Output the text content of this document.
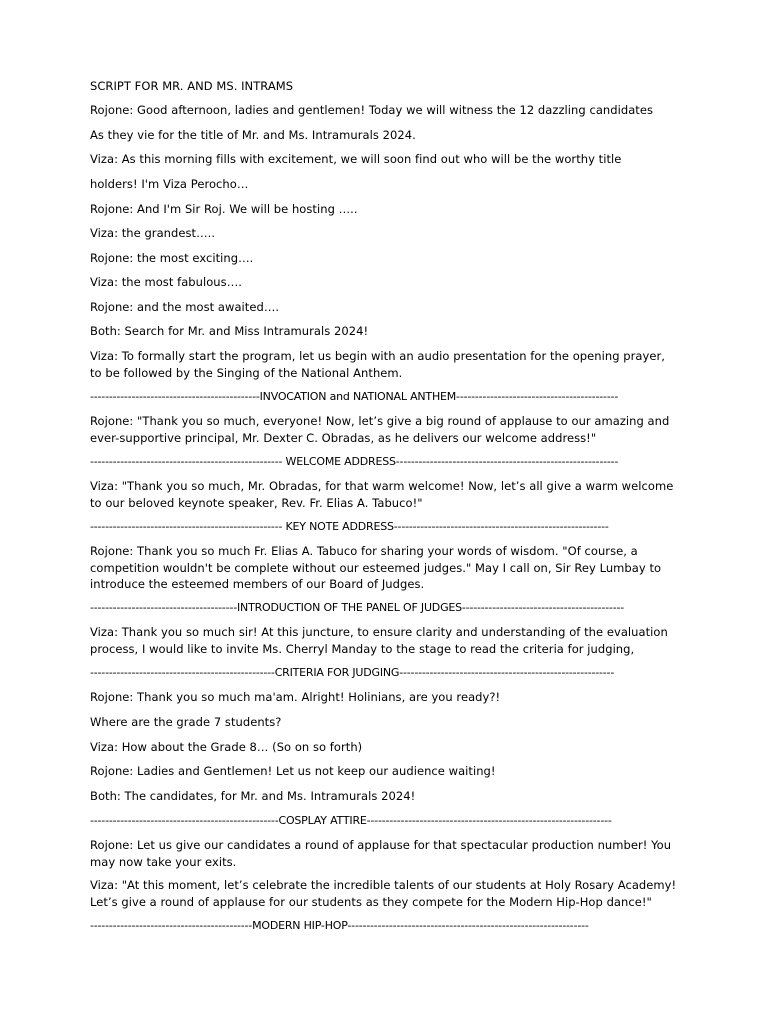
SCRIPT FOR MR. AND MS. INTRAMS
Rojone: Good afternoon, ladies and gentlemen! Today we will witness the 12 dazzling candidates
As they vie for the title of Mr. and Ms. Intramurals 2024.
Viza: As this morning fills with excitement, we will soon find out who will be the worthy title
holders! I'm Viza Perocho…
Rojone: And I'm Sir Roj. We will be hosting …..
Viza: the grandest…..
Rojone: the most exciting….
Viza: the most fabulous….
Rojone: and the most awaited….
Both: Search for Mr. and Miss Intramurals 2024!
Viza: To formally start the program, let us begin with an audio presentation for the opening prayer, to be followed by the Singing of the National Anthem.
---------------------------------------------INVOCATION and NATIONAL ANTHEM-------------------------------------------
Rojone: "Thank you so much, everyone! Now, let’s give a big round of applause to our amazing and ever-supportive principal, Mr. Dexter C. Obradas, as he delivers our welcome address!"
--------------------------------------------------- WELCOME ADDRESS-----------------------------------------------------------
Viza: "Thank you so much, Mr. Obradas, for that warm welcome! Now, let’s all give a warm welcome to our beloved keynote speaker, Rev. Fr. Elias A. Tabuco!"
--------------------------------------------------- KEY NOTE ADDRESS---------------------------------------------------------
Rojone: Thank you so much Fr. Elias A. Tabuco for sharing your words of wisdom. "Of course, a competition wouldn't be complete without our esteemed judges." May I call on, Sir Rey Lumbay to introduce the esteemed members of our Board of Judges.
---------------------------------------INTRODUCTION OF THE PANEL OF JUDGES-------------------------------------------
Viza: Thank you so much sir! At this juncture, to ensure clarity and understanding of the evaluation process, I would like to invite Ms. Cherryl Manday to the stage to read the criteria for judging,
-------------------------------------------------CRITERIA FOR JUDGING---------------------------------------------------------
Rojone: Thank you so much ma'am. Alright! Holinians, are you ready?!
Where are the grade 7 students?
Viza: How about the Grade 8… (So on so forth)
Rojone: Ladies and Gentlemen! Let us not keep our audience waiting!
Both: The candidates, for Mr. and Ms. Intramurals 2024!
--------------------------------------------------COSPLAY ATTIRE-----------------------------------------------------------------
Rojone: Let us give our candidates a round of applause for that spectacular production number! You may now take your exits.
Viza: "At this moment, let’s celebrate the incredible talents of our students at Holy Rosary Academy! Let’s give a round of applause for our students as they compete for the Modern Hip-Hop dance!"
-------------------------------------------MODERN HIP-HOP----------------------------------------------------------------
